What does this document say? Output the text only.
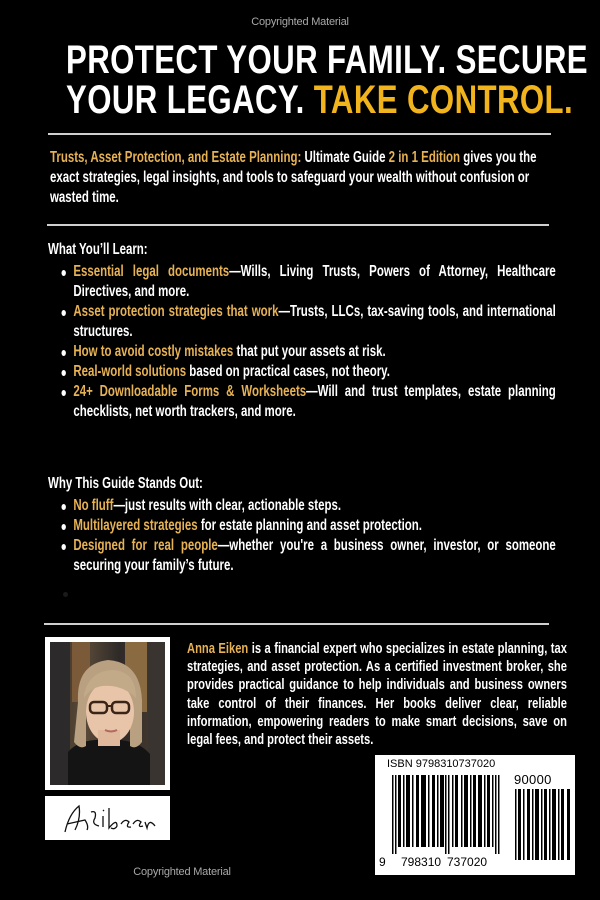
Copyrighted Material
PROTECT YOUR FAMILY. SECURE
YOUR LEGACY. TAKE CONTROL.
Trusts, Asset Protection, and Estate Planning: Ultimate Guide 2 in 1 Edition gives you the exact strategies, legal insights, and tools to safeguard your wealth without confusion or wasted time.
What You’ll Learn:
Essential legal documents—Wills, Living Trusts, Powers of Attorney, Healthcare Directives, and more.
Asset protection strategies that work—Trusts, LLCs, tax-saving tools, and international structures.
How to avoid costly mistakes that put your assets at risk.
Real-world solutions based on practical cases, not theory.
24+ Downloadable Forms & Worksheets—Will and trust templates, estate planning checklists, net worth trackers, and more.
Why This Guide Stands Out:
No fluff—just results with clear, actionable steps.
Multilayered strategies for estate planning and asset protection.
Designed for real people—whether you're a business owner, investor, or someone securing your family’s future.
Anna Eiken is a financial expert who specializes in estate planning, tax strategies, and asset protection. As a certified investment broker, she provides practical guidance to help individuals and business owners take control of their finances. Her books deliver clear, reliable information, empowering readers to make smart decisions, save on legal fees, and protect their assets.
ISBN 9798310737020
90000
9 798310 737020
Copyrighted Material
